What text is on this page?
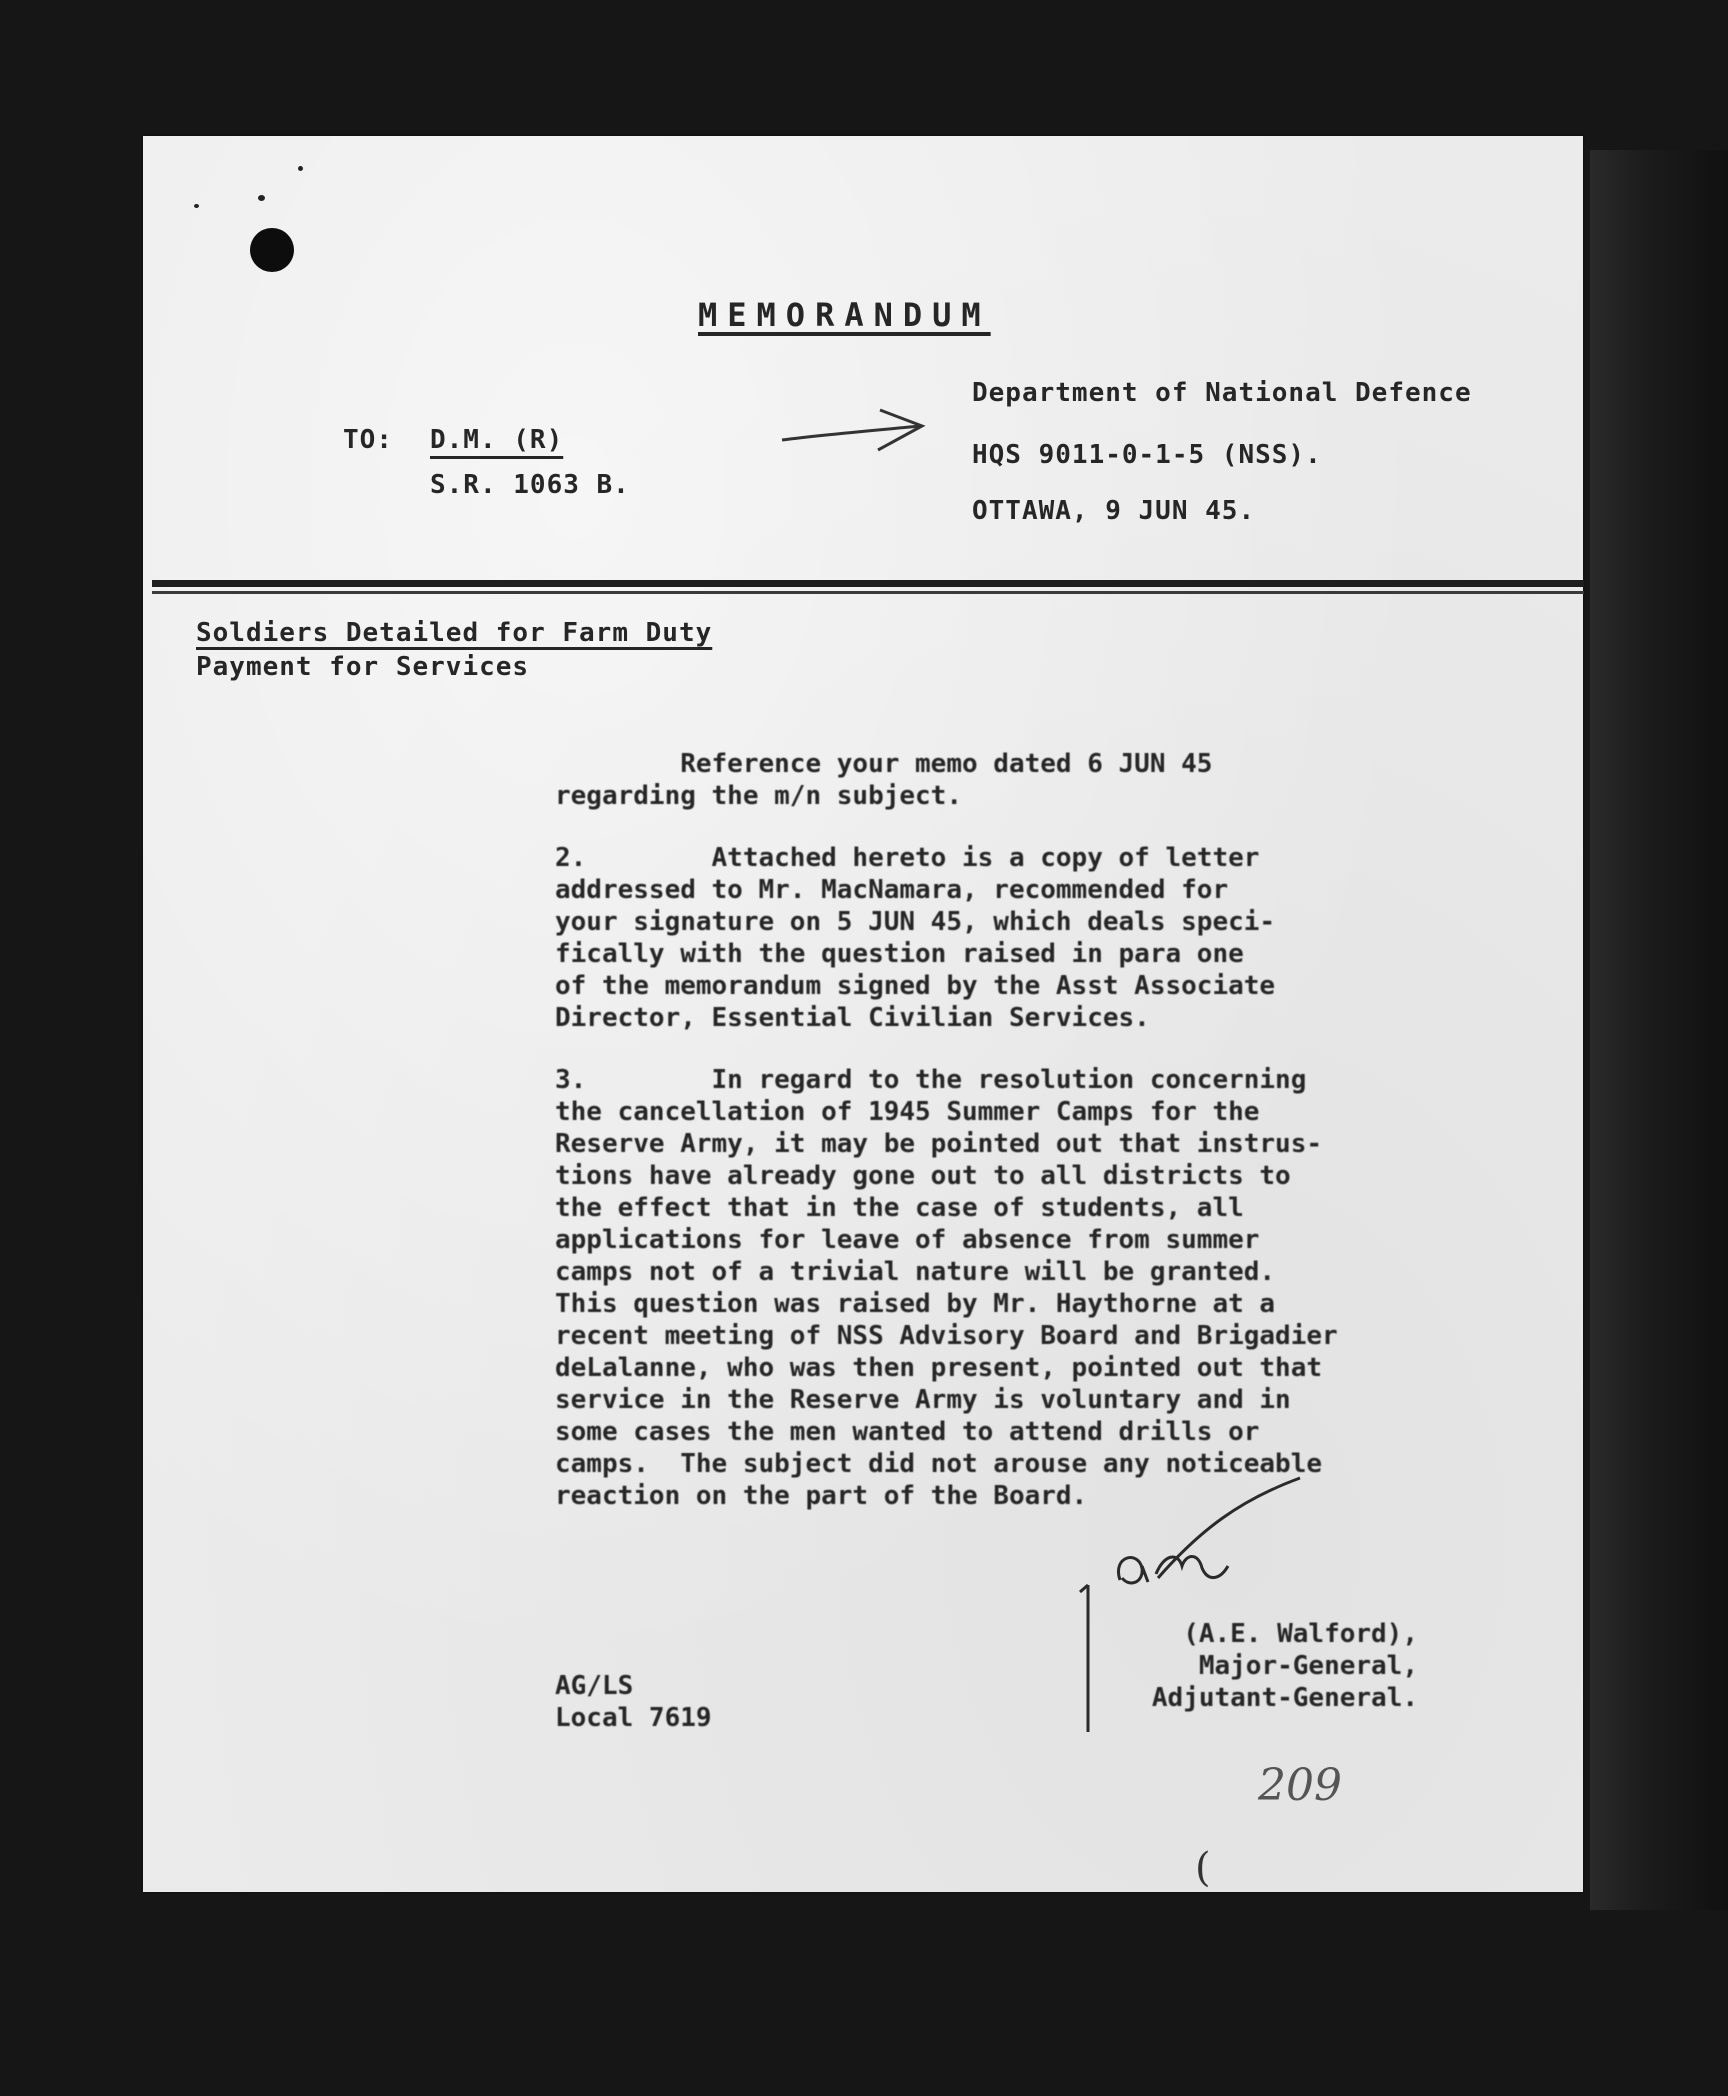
MEMORANDUM
Department of National Defence
HQS 9011-0-1-5 (NSS).
OTTAWA, 9 JUN 45.
TO: D.M. (R)
S.R. 1063 B.
Soldiers Detailed for Farm Duty
Payment for Services
Reference your memo dated 6 JUN 45
regarding the m/n subject.
2.        Attached hereto is a copy of letter
addressed to Mr. MacNamara, recommended for
your signature on 5 JUN 45, which deals speci-
fically with the question raised in para one
of the memorandum signed by the Asst Associate
Director, Essential Civilian Services.
3.        In regard to the resolution concerning
the cancellation of 1945 Summer Camps for the
Reserve Army, it may be pointed out that instrus-
tions have already gone out to all districts to
the effect that in the case of students, all
applications for leave of absence from summer
camps not of a trivial nature will be granted.
This question was raised by Mr. Haythorne at a
recent meeting of NSS Advisory Board and Brigadier
deLalanne, who was then present, pointed out that
service in the Reserve Army is voluntary and in
some cases the men wanted to attend drills or
camps.  The subject did not arouse any noticeable
reaction on the part of the Board.
(A.E. Walford),
Major-General,
Adjutant-General.
AG/LS
Local 7619
209
(
